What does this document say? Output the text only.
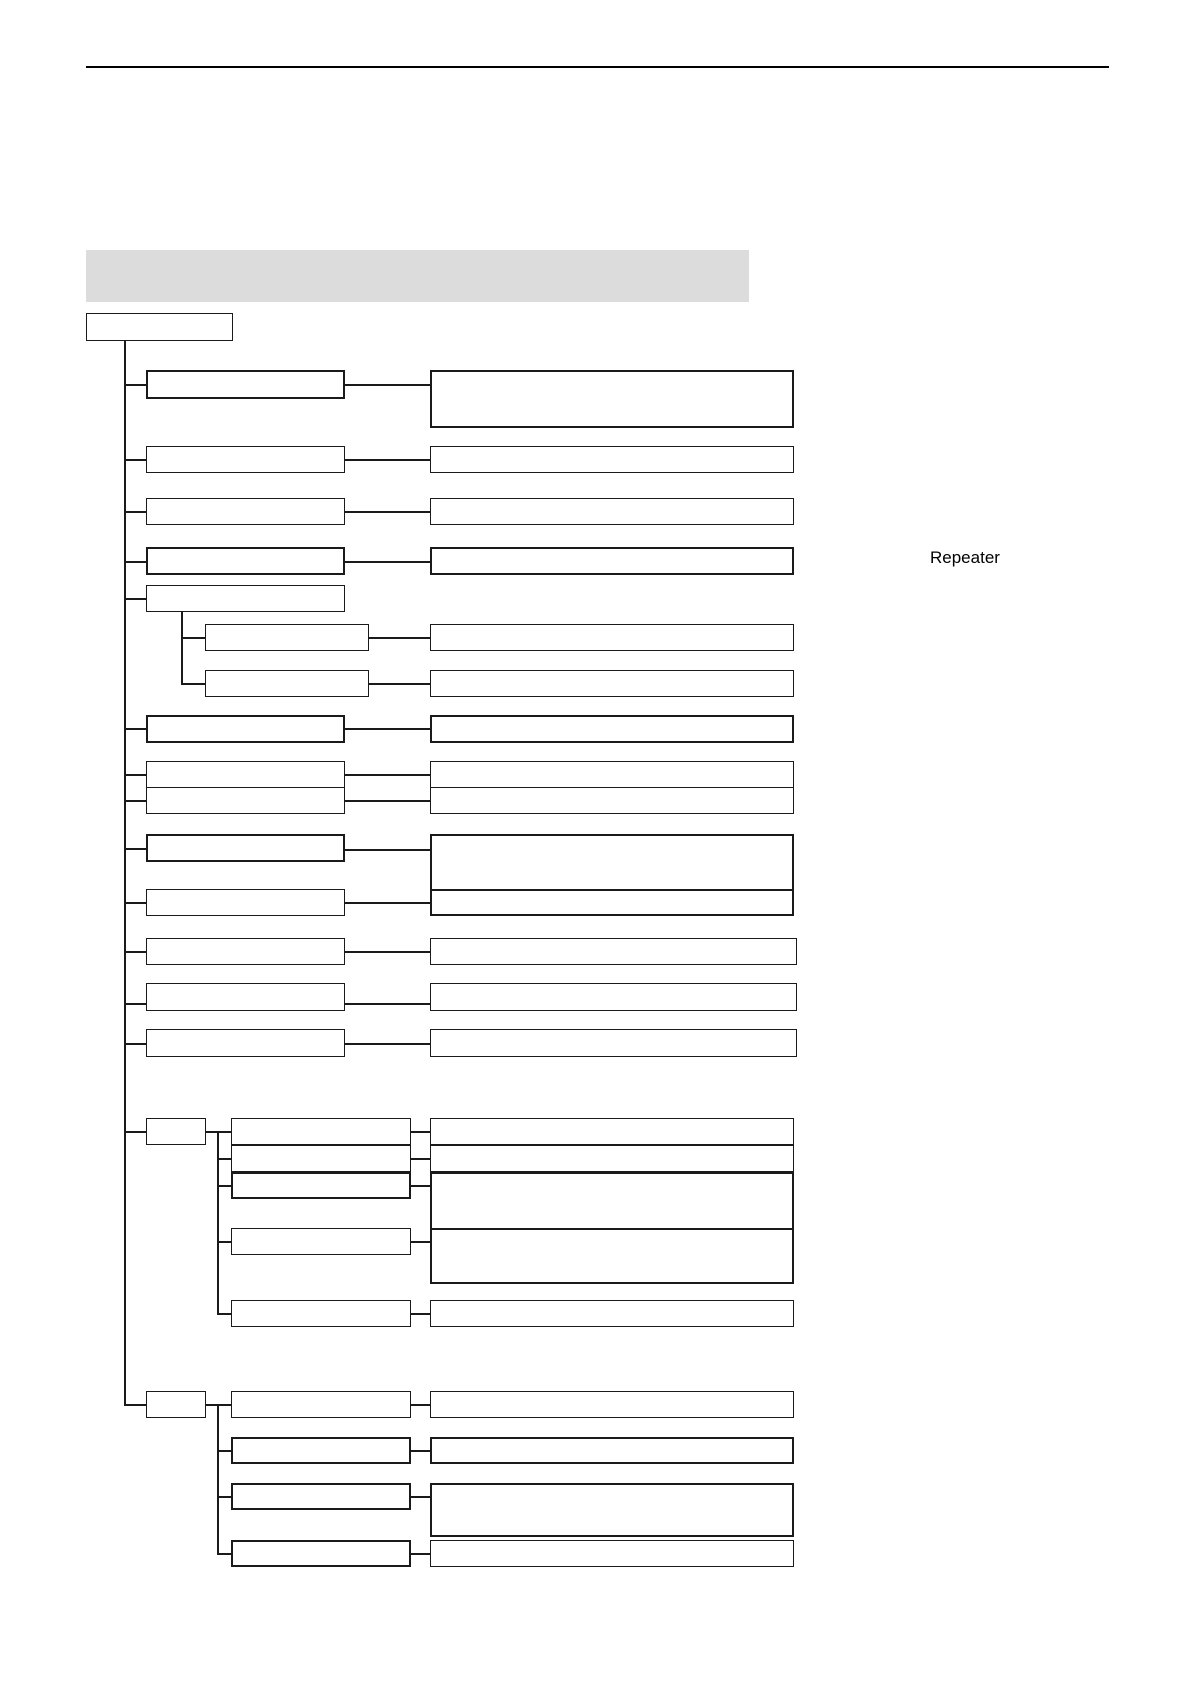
Repeater
